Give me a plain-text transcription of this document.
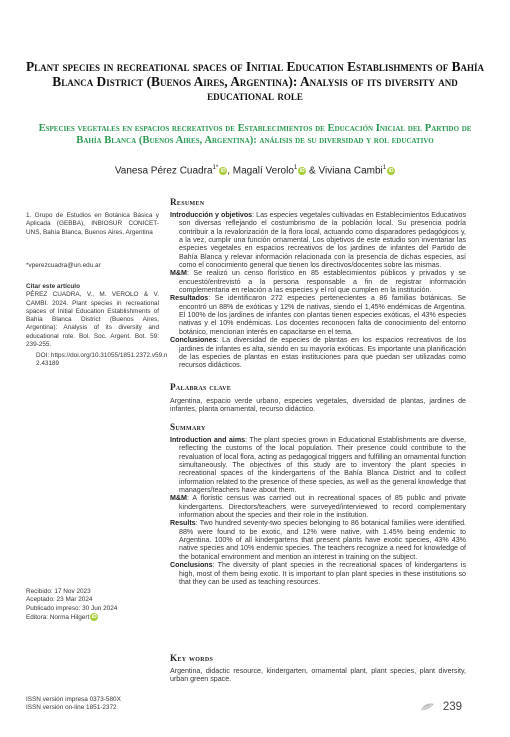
Plant species in recreational spaces of Initial Education Establishments of Bahía Blanca District (Buenos Aires, Argentina): Analysis of its diversity and educational role
Especies vegetales en espacios recreativos de Establecimientos de Educación Inicial del Partido de Bahía Blanca (Buenos Aires, Argentina): análisis de su diversidad y rol educativo
Vanesa Pérez Cuadra$^{1*}$iD , Magalí Verolo$^1$iD & Viviana Cambi$^1$iD
1. Grupo de Estudios en Botánica Básica y Aplicada (GEBBA), INBIOSUR CONICET-UNS, Bahía Blanca, Buenos Aires, Argentina
*vperezcuadra@un.edu.ar

Citar este artículo

PÉREZ CUADRA, V., M. VEROLO & V. CAMBI. 2024. Plant species in recreational spaces of Initial Education Establishments of Bahía Blanca District (Buenos Aires, Argentina): Analysis of its diversity and educational role. Bol. Soc. Argent. Bot. 59: 239-255.

DOI: https://doi.org/10.31055/1851.2372.v59.n2.43189

Recibido: 17 Nov 2023

Aceptado: 23 Mar 2024

Publicado impreso: 30 Jun 2024

Editora: Norma Hilgert iD

ISSN versión impresa 0373-580X

ISSN versión on-line 1851-2372

Resumen

Introducción y objetivos: Las especies vegetales cultivadas en Establecimientos Educativos son diversas reflejando el costumbrismo de la población local. Su presencia podría contribuir a la revalorización de la flora local, actuando como disparadores pedagógicos y, a la vez, cumplir una función ornamental. Los objetivos de este estudio son inventariar las especies vegetales en espacios recreativos de los jardines de infantes del Partido de Bahía Blanca y relevar información relacionada con la presencia de dichas especies, así como el conocimiento general que tienen los directivos/docentes sobre las mismas.

M&M: Se realizó un censo florístico en 85 establecimientos públicos y privados y se encuestó/entrevistó a la persona responsable a fin de registrar información complementaria en relación a las especies y el rol que cumplen en la institución.

Resultados: Se identificaron 272 especies pertenecientes a 86 familias botánicas. Se encontró un 88% de exóticas y 12% de nativas, siendo el 1,45% endémicas de Argentina. El 100% de los jardines de infantes con plantas tienen especies exóticas, el 43% especies nativas y el 10% endémicas. Los docentes reconocen falta de conocimiento del entorno botánico, mencionan interés en capacitarse en el tema.

Conclusiones: La diversidad de especies de plantas en los espacios recreativos de los jardines de infantes es alta, siendo en su mayoría exóticas. Es importante una planificación de las especies de plantas en estas instituciones para que puedan ser utilizadas como recursos didácticos.

Palabras clave

Argentina, espacio verde urbano, especies vegetales, diversidad de plantas, jardines de infantes, planta ornamental, recurso didáctico.

Summary

Introduction and aims: The plant species grown in Educational Establishments are diverse, reflecting the customs of the local population. Their presence could contribute to the revaluation of local flora, acting as pedagogical triggers and fulfilling an ornamental function simultaneously. The objectives of this study are to inventory the plant species in recreational spaces of the kindergartens of the Bahía Blanca District and to collect information related to the presence of these species, as well as the general knowledge that managers/teachers have about them.

M&M: A floristic census was carried out in recreational spaces of 85 public and private kindergartens. Directors/teachers were surveyed/interviewed to record complementary information about the species and their role in the institution.

Results: Two hundred seventy-two species belonging to 86 botanical families were identified. 88% were found to be exotic, and 12% were native, with 1.45% being endemic to Argentina. 100% of all kindergartens that present plants have exotic species, 43% 43% native species and 10% endemic species. The teachers recognize a need for knowledge of the botanical environment and mention an interest in training on the subject.

Conclusions: The diversity of plant species in the recreational spaces of kindergartens is high, most of them being exotic. It is important to plan plant species in these institutions so that they can be used as teaching resources.

Key words

Argentina, didactic resource, kindergarten, ornamental plant, plant species, plant diversity, urban green space.

239
